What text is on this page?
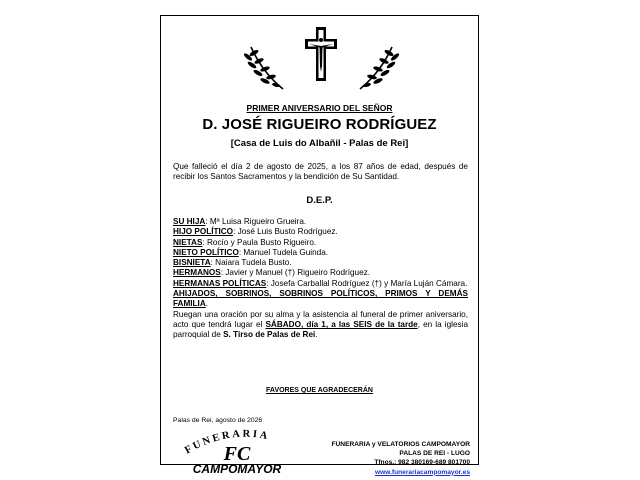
PRIMER ANIVERSARIO DEL SEÑOR
D. JOSÉ RIGUEIRO RODRÍGUEZ
[Casa de Luis do Albañil - Palas de Rei]
Que falleció el día 2 de agosto de 2025, a los 87 años de edad, después de recibir los Santos Sacramentos y la bendición de Su Santidad.
D.E.P.
SU HIJA: Mª Luisa Rigueiro Grueira.
HIJO POLÍTICO: José Luis Busto Rodríguez.
NIETAS: Rocío y Paula Busto Rigueiro.
NIETO POLÍTICO: Manuel Tudela Guinda.
BISNIETA: Naiara Tudela Busto.
HERMANOS: Javier y Manuel (†) Rigueiro Rodríguez.
HERMANAS POLÍTICAS: Josefa Carballal Rodríguez (†) y María Luján Cámara.
AHIJADOS, SOBRINOS, SOBRINOS POLÍTICOS, PRIMOS Y DEMÁS FAMILIA.
Ruegan una oración por su alma y la asistencia al funeral de primer aniversario, acto que tendrá lugar el SÁBADO, día 1, a las SEIS de la tarde, en la iglesia parroquial de S. Tirso de Palas de Rei.
FAVORES QUE AGRADECERÁN
Palas de Rei, agosto de 2026
FUNERARIA
FC
CAMPOMAYOR
FUNERARIA y VELATORIOS CAMPOMAYOR
PALAS DE REI - LUGO
Tfnos.: 982 380169-689 801700
www.funerariacampomayor.es
